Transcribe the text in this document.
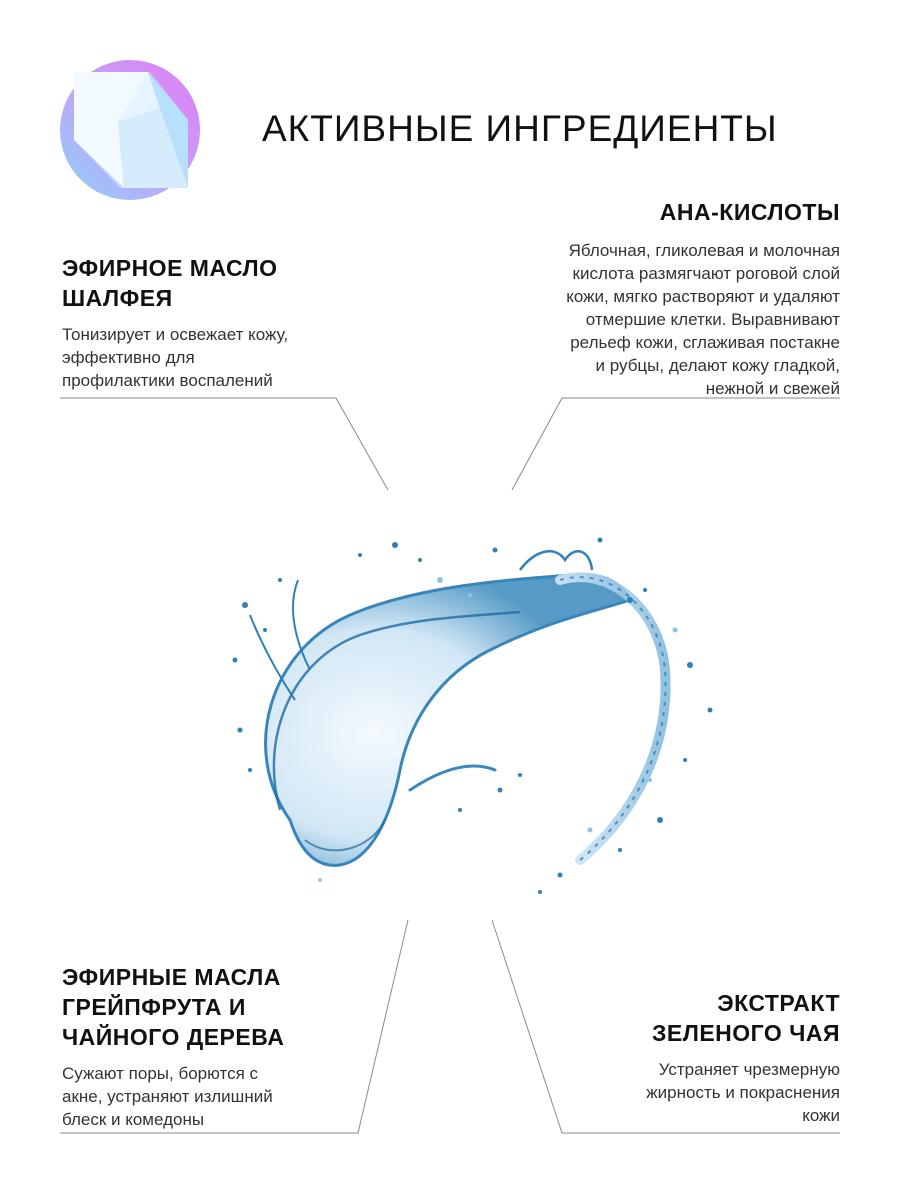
АКТИВНЫЕ ИНГРЕДИЕНТЫ
ЭФИРНОЕ МАСЛО
ШАЛФЕЯ
Тонизирует и освежает кожу,
эффективно для
профилактики воспалений
АНА-КИСЛОТЫ
Яблочная, гликолевая и молочная
кислота размягчают роговой слой
кожи, мягко растворяют и удаляют
отмершие клетки. Выравнивают
рельеф кожи, сглаживая постакне
и рубцы, делают кожу гладкой,
нежной и свежей
ЭФИРНЫЕ МАСЛА
ГРЕЙПФРУТА И
ЧАЙНОГО ДЕРЕВА
Сужают поры, борются с
акне, устраняют излишний
блеск и комедоны
ЭКСТРАКТ
ЗЕЛЕНОГО ЧАЯ
Устраняет чрезмерную
жирность и покраснения
кожи
